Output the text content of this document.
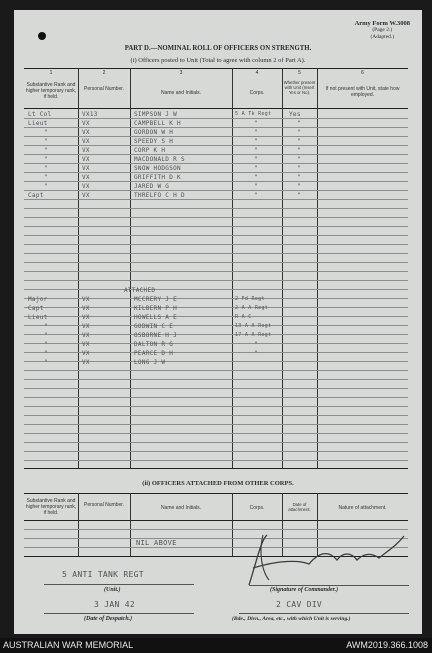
Army Form W.3008
(Page 2.)
(Adapted.)
PART D.—NOMINAL ROLL OF OFFICERS ON STRENGTH.
(i) Officers posted to Unit (Total to agree with column 2 of Part A).
1	2	3	4	5	6
Substantive Rank and higher temporary rank, if held.
Personal Number.
Name and Initials.	Corps.
Whether present with Unit (Insert Yes or No).
If not present with Unit, state how employed.
Lt Col	VX13	SIMPSON J W	5 A Tk Regt	Yes
Lieut	VX	CAMPBELL K H	"	"
"	VX	GORDON W H	"	"
"	VX	SPEEDY S H	"	"
"	VX	CORP K H	"	"
"	VX	MACDONALD R S	"	"
"	VX	SNOW HODGSON	"	"
"	VX	GRIFFITH D K	"	"
"	VX	JARED W G	"	"
Capt	VX	THRELFO C H D	"	"
ATTACHED
Major	VX	MCCRERY J E	2 Fd Regt
Capt	VX	KILBERN P H	2 A A Regt
Lieut	VX	HOWELLS A E	R A C
"	VX	GODWIN C E	13 A A Regt
"	VX	OSBORNE H J	17 A A Regt
"	VX	DALTON R G	"
"	VX	PEARCE D H	"
"	VX	LONG J W
(ii) OFFICERS ATTACHED FROM OTHER CORPS.
Substantive Rank and higher temporary rank, if held.
Personal Number.	Name and Initials.	Corps.
Date of attachment.	Nature of attachment.
NIL ABOVE
5 ANTI TANK REGT
(Unit.)
3 JAN 42
(Date of Despatch.)
(Signature of Commander.)
2 CAV DIV
(Bde., Divn., Area, etc., with which Unit is serving.)
AUSTRALIAN WAR MEMORIAL	AWM2019.366.1008
